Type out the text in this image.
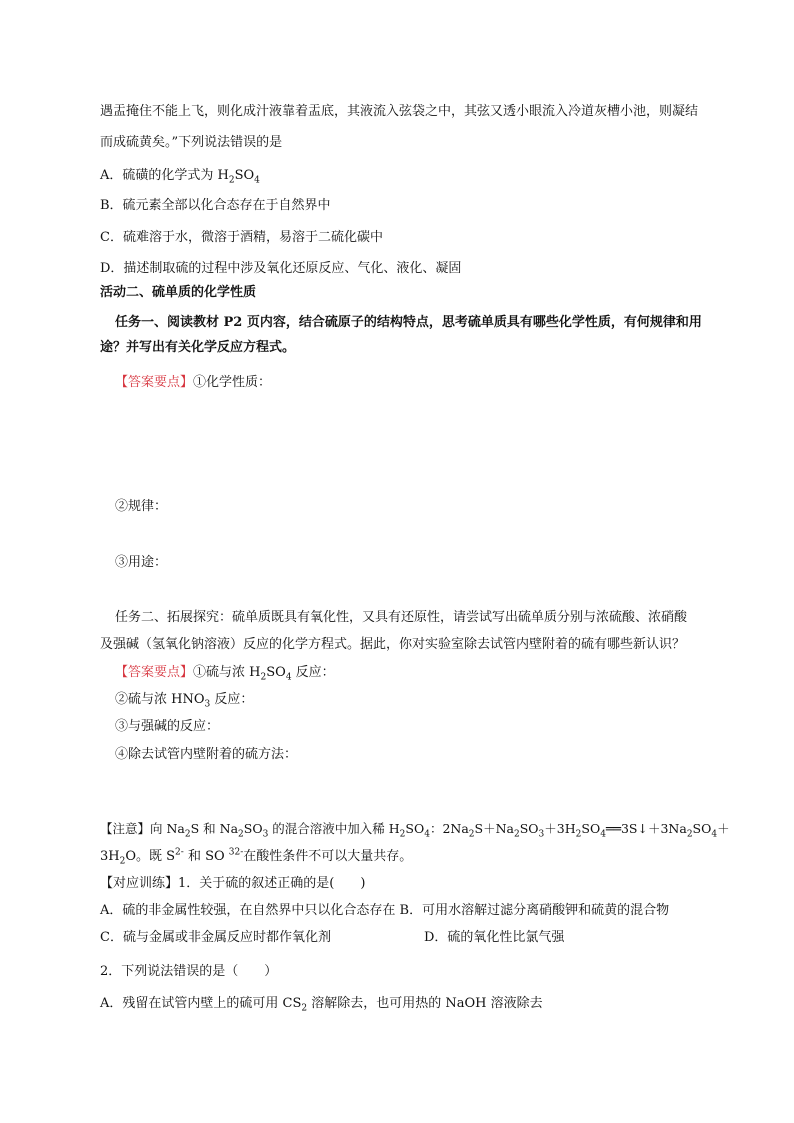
遇盂掩住不能上飞，则化成汁液靠着盂底，其液流入弦袋之中，其弦又透小眼流入冷道灰槽小池，则凝结
而成硫黄矣。”下列说法错误的是
A．硫磺的化学式为 $H_2SO_4$
B．硫元素全部以化合态存在于自然界中
C．硫难溶于水，微溶于酒精，易溶于二硫化碳中
D．描述制取硫的过程中涉及氧化还原反应、气化、液化、凝固
活动二、硫单质的化学性质
任务一、阅读教材 P2 页内容，结合硫原子的结构特点，思考硫单质具有哪些化学性质，有何规律和用
途？并写出有关化学反应方程式。
【答案要点】①化学性质：
②规律：
③用途：
任务二、拓展探究：硫单质既具有氧化性，又具有还原性，请尝试写出硫单质分别与浓硫酸、浓硝酸
及强碱（氢氧化钠溶液）反应的化学方程式。据此，你对实验室除去试管内壁附着的硫有哪些新认识？
【答案要点】①硫与浓 $H_2SO_4$ 反应：
②硫与浓 $HNO_3$ 反应：
③与强碱的反应：
④除去试管内壁附着的硫方法：
【注意】向 $Na_2S$ 和 $Na_2SO_3$ 的混合溶液中加入稀 $H_2SO_4$：$2Na_2S+Na_2SO_3+3H_2SO_4══3S↓+3Na_2SO_4+$
$3H_2O$。既 $S^{2-}$ 和 SO $^{32-}$在酸性条件不可以大量共存。
【对应训练】1．关于硫的叙述正确的是(　　)
A．硫的非金属性较强，在自然界中只以化合态存在 B．可用水溶解过滤分离硝酸钾和硫黄的混合物
C．硫与金属或非金属反应时都作氧化剂	D．硫的氧化性比氯气强
2．下列说法错误的是（　　）
A．残留在试管内壁上的硫可用 $CS_2$ 溶解除去，也可用热的 NaOH 溶液除去
